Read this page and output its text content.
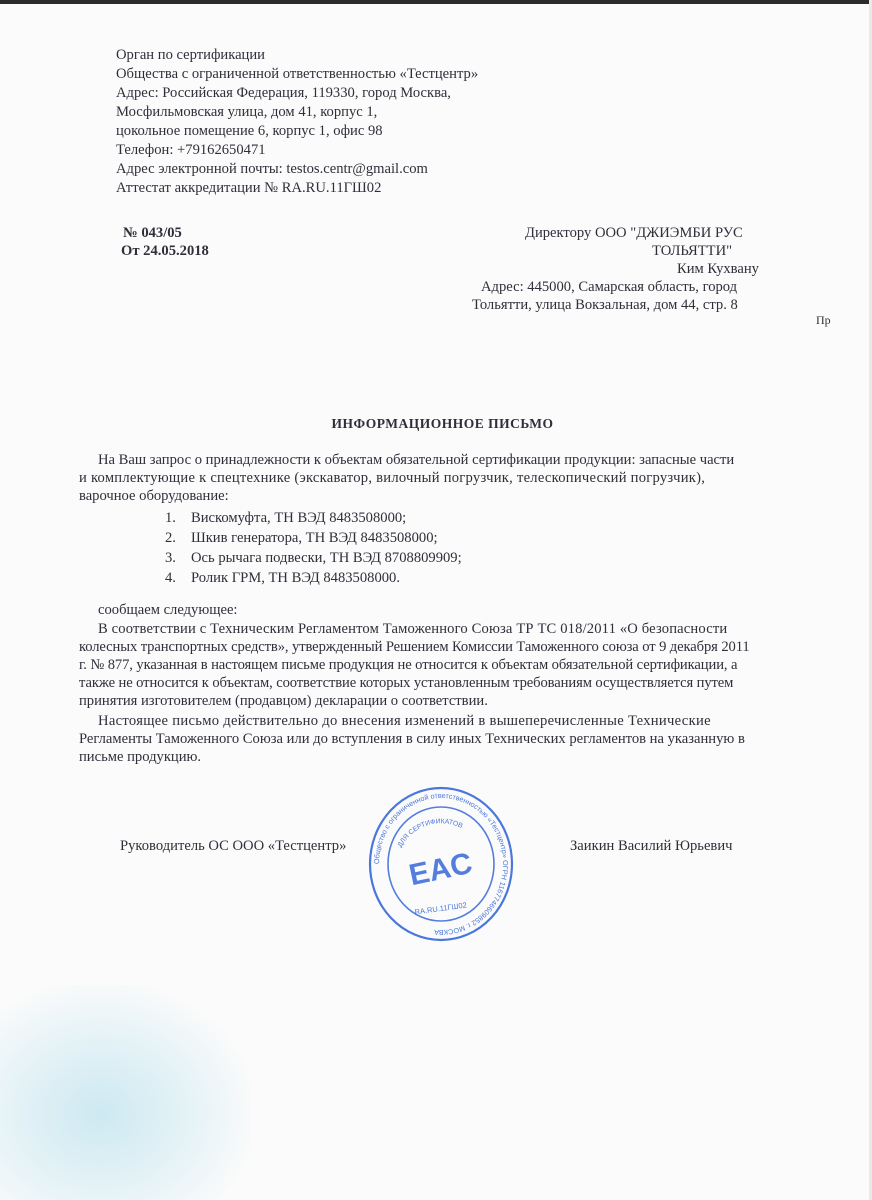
Орган по сертификации
Общества с ограниченной ответственностью «Тестцентр»
Адрес: Российская Федерация, 119330, город Москва,
Мосфильмовская улица, дом 41, корпус 1,
цокольное помещение 6, корпус 1, офис 98
Телефон: +79162650471
Адрес электронной почты: testos.centr@gmail.com
Аттестат аккредитации № RA.RU.11ГШ02
№ 043/05
От 24.05.2018
Директору ООО "ДЖИЭМБИ РУС
ТОЛЬЯТТИ"
Ким Кухвану
Адрес: 445000, Самарская область, город
Тольятти, улица Вокзальная, дом 44, стр. 8
Пр
ИНФОРМАЦИОННОЕ ПИСЬМО
На Ваш запрос о принадлежности к объектам обязательной сертификации продукции: запасные части
и комплектующие к спецтехнике (экскаватор, вилочный погрузчик, телескопический погрузчик),
варочное оборудование:
1. Вискомуфта, ТН ВЭД 8483508000;
2. Шкив генератора, ТН ВЭД 8483508000;
3. Ось рычага подвески, ТН ВЭД 8708809909;
4. Ролик ГРМ, ТН ВЭД 8483508000.
сообщаем следующее:
В соответствии с Техническим Регламентом Таможенного Союза ТР ТС 018/2011 «О безопасности
колесных транспортных средств», утвержденный Решением Комиссии Таможенного союза от 9 декабря 2011
г. № 877, указанная в настоящем письме продукция не относится к объектам обязательной сертификации, а
также не относится к объектам, соответствие которых установленным требованиям осуществляется путем
принятия изготовителем (продавцом) декларации о соответствии.
Настоящее письмо действительно до внесения изменений в вышеперечисленные Технические
Регламенты Таможенного Союза или до вступления в силу иных Технических регламентов на указанную в
письме продукцию.
Руководитель ОС ООО «Тестцентр»	Заикин Василий Юрьевич
Общество с ограниченной ответственностью «Тестцентр» ОГРН 1167746609852 г. МОСКВА
ДЛЯ СЕРТИФИКАТОВ
EAC
RA.RU.11ГШ02
